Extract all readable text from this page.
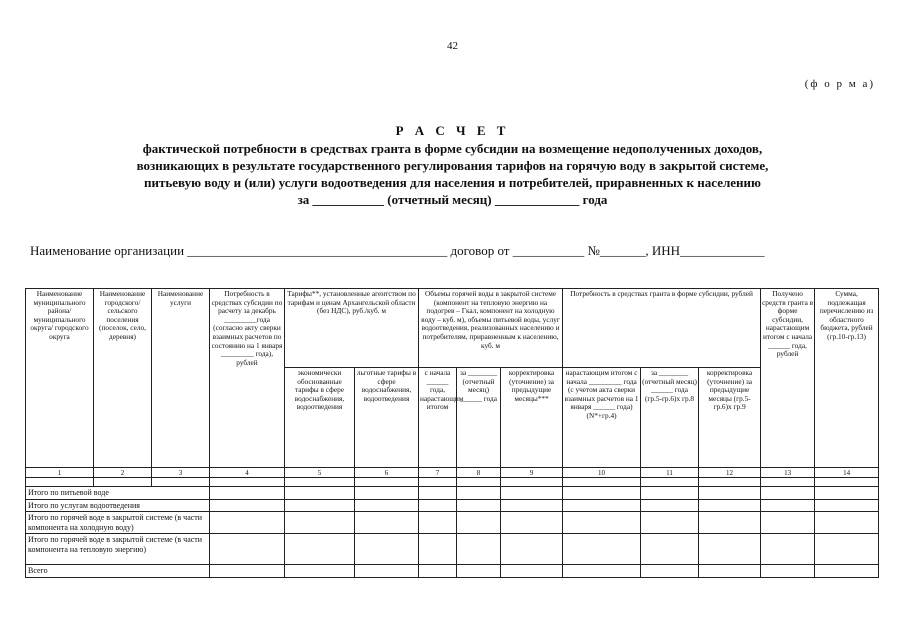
42
(ф о р м а)
Р А С Ч Е Т
фактической потребности в средствах гранта в форме субсидии на возмещение недополученных доходов,
возникающих в результате государственного регулирования тарифов на горячую воду в закрытой системе,
питьевую воду и (или) услуги водоотведения для населения и потребителей, приравненных к населению
за ___________ (отчетный месяц) _____________ года
Наименование организации ________________________________________ договор от ___________ №_______, ИНН_____________
Наименование муниципального района/ муниципального округа/ городского округа	Наименование городского/ сельского поселения (поселок, село, деревня)	Наименование услуги	Потребность в средствах субсидии по расчету за декабрь _________года (согласно акту сверки взаимных расчетов по состоянию на 1 января _________ года), рублей	Тарифы**, установленные агентством по тарифам и ценам Архангельской области (без НДС), руб./куб. м		Объемы горячей воды в закрытой системе (компонент на тепловую энергию на подогрев – Гкал, компонент на холодную воду – куб. м), объемы питьевой воды, услуг водоотведения, реализованных населению и потребителям, приравненным к населению, куб. м			Потребность в средствах гранта в форме субсидии, рублей			Получено средств гранта в форме субсидии, нарастающим итогом с начала ______ года, рублей	Сумма, подлежащая перечислению из областного бюджета, рублей (гр.10-гр.13)
				экономически обоснованные тарифы в сфере водоснабжения, водоотведения	льготные тарифы в сфере водоснабжения, водоотведения	с начала ______ года, нарастающим итогом	за ________ (отчетный месяц) ______ года	корректировка (уточнение) за предыдущие месяцы***	нарастающим итогом с начала _________ года (с учетом акта сверки взаимных расчетов на 1 января ______ года) (N*+гр.4)	за ________ (отчетный месяц) ______ года (гр.5-гр.6)х гр.8	корректировка (уточнение) за предыдущие месяцы (гр.5-гр.6)х гр.9		
1	2	3	4	5	6	7	8	9	10	11	12	13	14

Итого по питьевой воде													
Итого по услугам водоотведения													
Итого по горячей воде в закрытой системе (в части компонента на холодную воду)													
Итого по горячей воде в закрытой системе (в части компонента на тепловую энергию)													
Всего													
